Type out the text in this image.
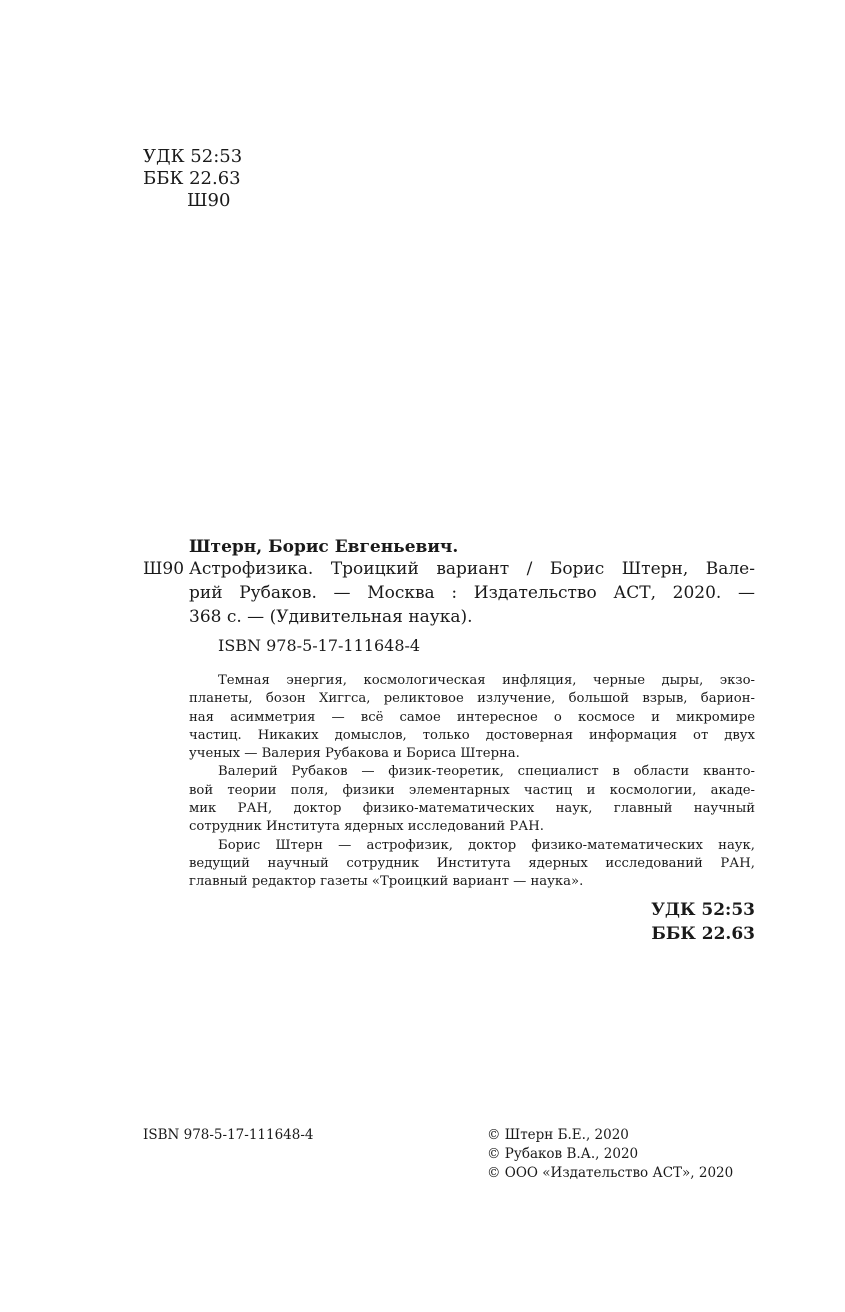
УДК 52:53
ББК 22.63
Ш90
Штерн, Борис Евгеньевич.
Ш90 Астрофизика. Троицкий вариант / Борис Штерн, Вале-
рий Рубаков. — Москва : Издательство АСТ, 2020. —
368 с. — (Удивительная наука).
ISBN 978-5-17-111648-4
Темная энергия, космологическая инфляция, черные дыры, экзо-
планеты, бозон Хиггса, реликтовое излучение, большой взрыв, барион-
ная асимметрия — всё самое интересное о космосе и микромире
частиц. Никаких домыслов, только достоверная информация от двух
ученых — Валерия Рубакова и Бориса Штерна.
Валерий Рубаков — физик-теоретик, специалист в области кванто-
вой теории поля, физики элементарных частиц и космологии, акаде-
мик РАН, доктор физико-математических наук, главный научный
сотрудник Института ядерных исследований РАН.
Борис Штерн — астрофизик, доктор физико-математических наук,
ведущий научный сотрудник Института ядерных исследований РАН,
главный редактор газеты «Троицкий вариант — наука».
УДК 52:53
ББК 22.63
ISBN 978-5-17-111648-4	© Штерн Б.Е., 2020
© Рубаков В.А., 2020
© ООО «Издательство АСТ», 2020
